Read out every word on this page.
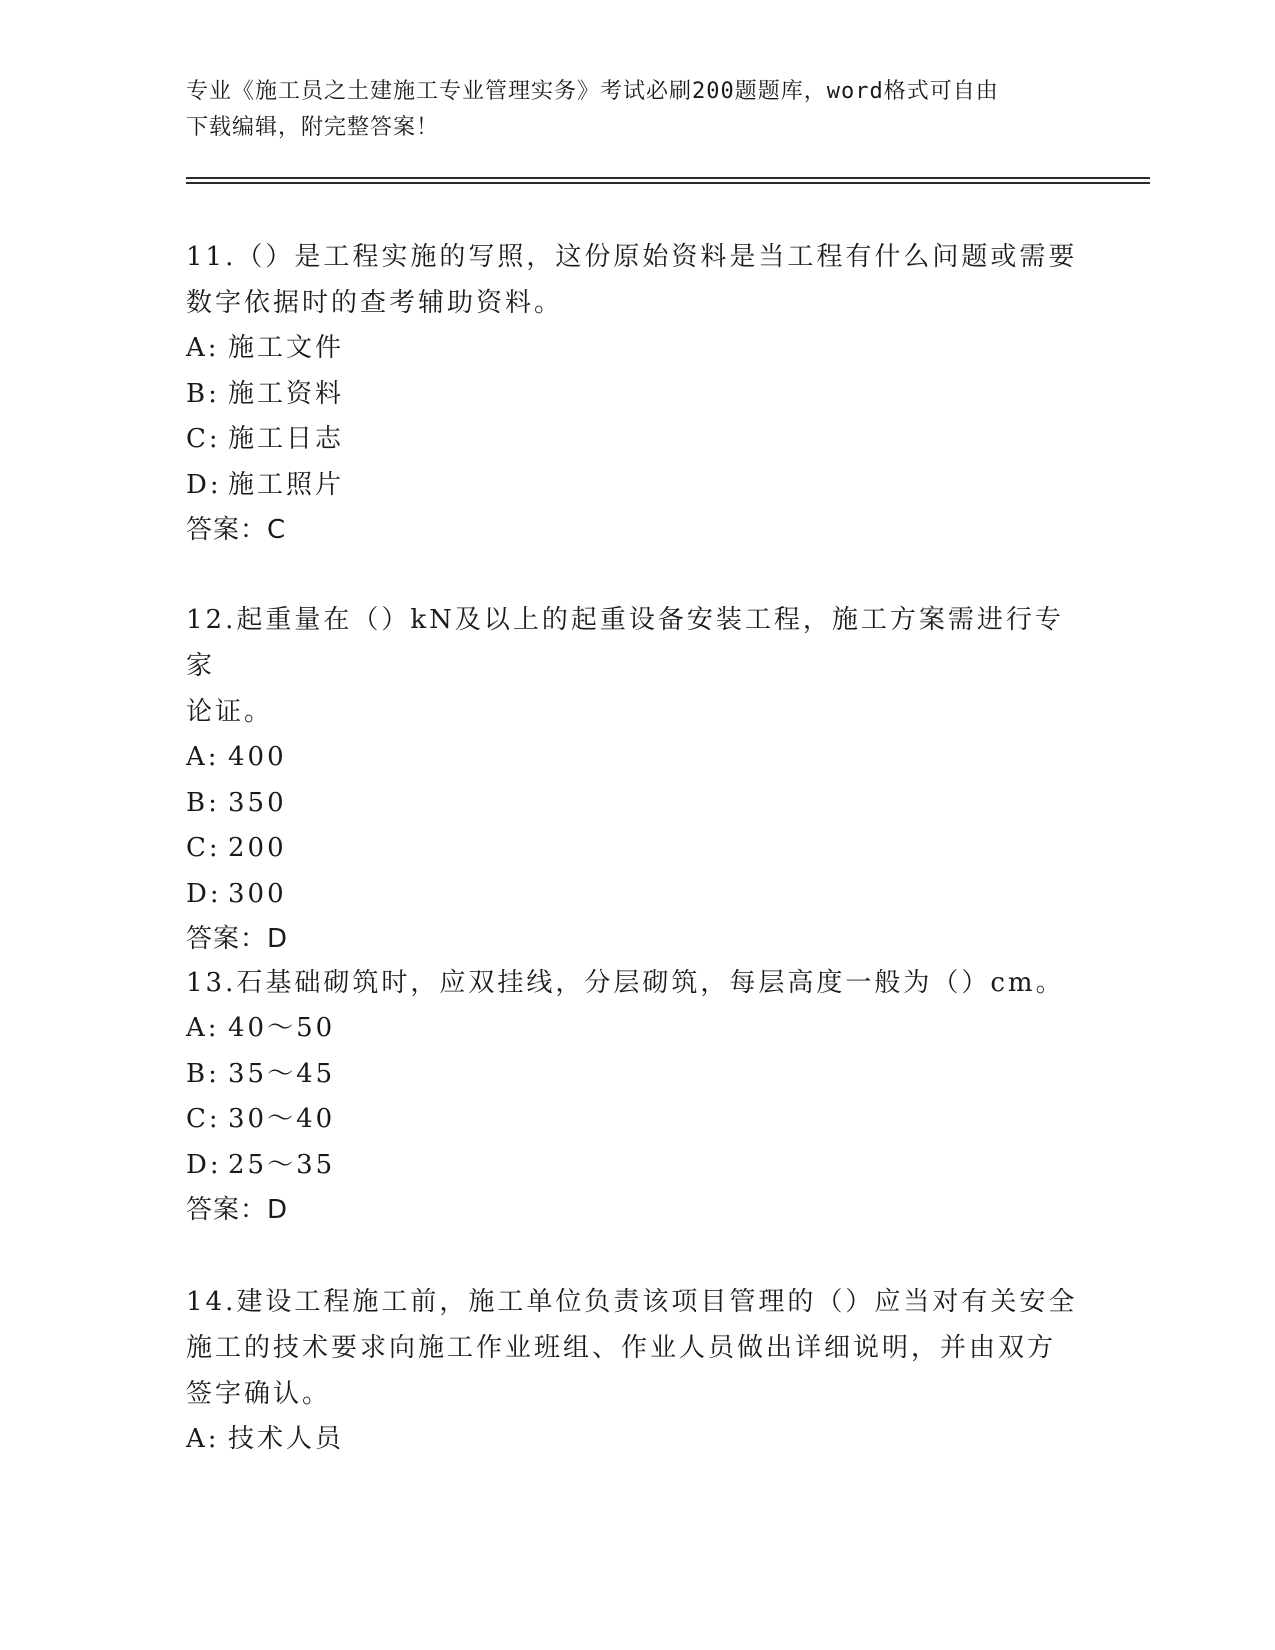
专业《施工员之土建施工专业管理实务》考试必刷200题题库，word格式可自由
下载编辑，附完整答案！

11.（）是工程实施的写照，这份原始资料是当工程有什么问题或需要

数字依据时的查考辅助资料。

A: 施工文件

B: 施工资料

C: 施工日志

D: 施工照片

答案：C

12.起重量在（）kN及以上的起重设备安装工程，施工方案需进行专家

论证。

A: 400

B: 350

C: 200

D: 300

答案：D

13.石基础砌筑时，应双挂线，分层砌筑，每层高度一般为（）cm。

A: 40～50

B: 35～45

C: 30～40

D: 25～35

答案：D

14.建设工程施工前，施工单位负责该项目管理的（）应当对有关安全

施工的技术要求向施工作业班组、作业人员做出详细说明，并由双方

签字确认。

A: 技术人员
